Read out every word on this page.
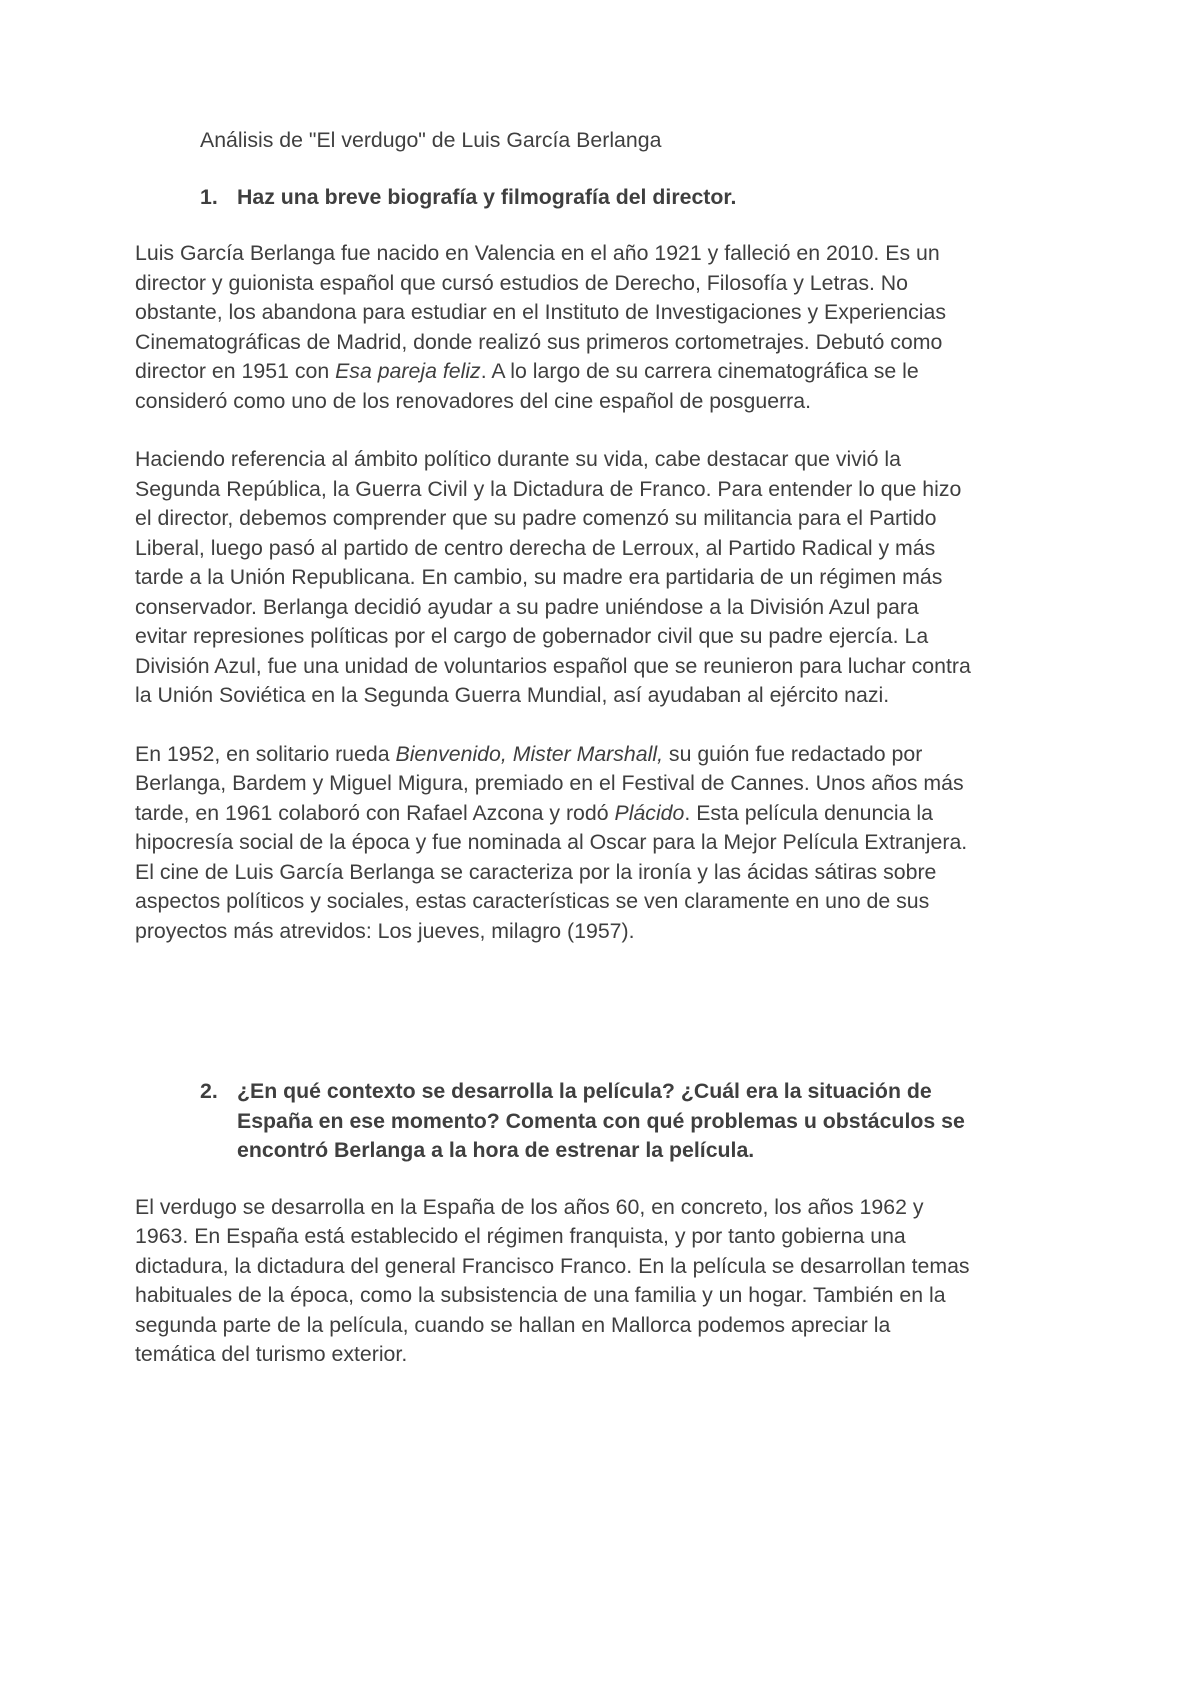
Análisis de "El verdugo" de Luis García Berlanga

1. Haz una breve biografía y filmografía del director.

Luis García Berlanga fue nacido en Valencia en el año 1921 y falleció en 2010. Es un director y guionista español que cursó estudios de Derecho, Filosofía y Letras. No obstante, los abandona para estudiar en el Instituto de Investigaciones y Experiencias Cinematográficas de Madrid, donde realizó sus primeros cortometrajes. Debutó como director en 1951 con Esa pareja feliz. A lo largo de su carrera cinematográfica se le consideró como uno de los renovadores del cine español de posguerra.

Haciendo referencia al ámbito político durante su vida, cabe destacar que vivió la Segunda República, la Guerra Civil y la Dictadura de Franco. Para entender lo que hizo el director, debemos comprender que su padre comenzó su militancia para el Partido Liberal, luego pasó al partido de centro derecha de Lerroux, al Partido Radical y más tarde a la Unión Republicana. En cambio, su madre era partidaria de un régimen más conservador. Berlanga decidió ayudar a su padre uniéndose a la División Azul para evitar represiones políticas por el cargo de gobernador civil que su padre ejercía. La División Azul, fue una unidad de voluntarios español que se reunieron para luchar contra la Unión Soviética en la Segunda Guerra Mundial, así ayudaban al ejército nazi.

En 1952, en solitario rueda Bienvenido, Mister Marshall, su guión fue redactado por Berlanga, Bardem y Miguel Migura, premiado en el Festival de Cannes. Unos años más tarde, en 1961 colaboró con Rafael Azcona y rodó Plácido. Esta película denuncia la hipocresía social de la época y fue nominada al Oscar para la Mejor Película Extranjera. El cine de Luis García Berlanga se caracteriza por la ironía y las ácidas sátiras sobre aspectos políticos y sociales, estas características se ven claramente en uno de sus proyectos más atrevidos: Los jueves, milagro (1957).

2. ¿En qué contexto se desarrolla la película? ¿Cuál era la situación de España en ese momento? Comenta con qué problemas u obstáculos se encontró Berlanga a la hora de estrenar la película.

El verdugo se desarrolla en la España de los años 60, en concreto, los años 1962 y 1963. En España está establecido el régimen franquista, y por tanto gobierna una dictadura, la dictadura del general Francisco Franco. En la película se desarrollan temas habituales de la época, como la subsistencia de una familia y un hogar. También en la segunda parte de la película, cuando se hallan en Mallorca podemos apreciar la temática del turismo exterior.
